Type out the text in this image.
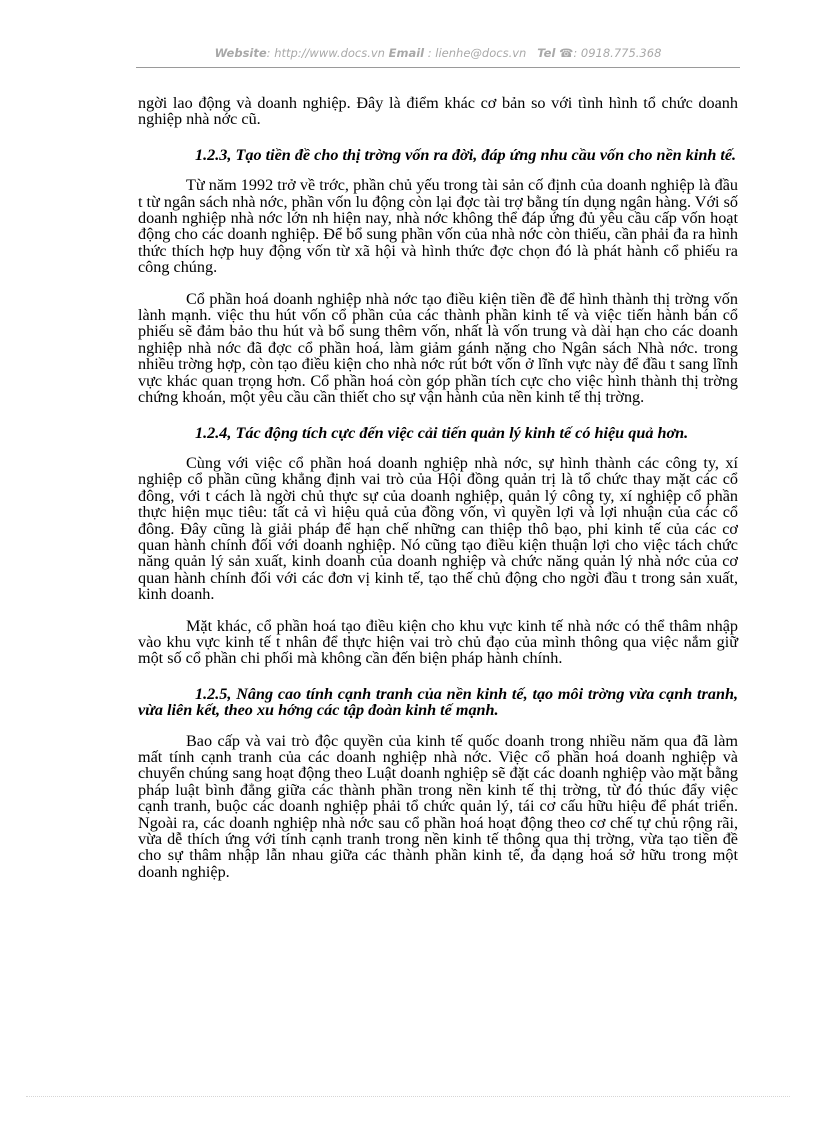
Website: http://www.docs.vn Email : lienhe@docs.vn Tel ☎: 0918.775.368

ngời lao động và doanh nghiệp. Đây là điểm khác cơ bản so với tình hình tổ chức doanh nghiệp nhà nớc cũ.

1.2.3, Tạo tiền đề cho thị trờng vốn ra đời, đáp ứng nhu cầu vốn cho nền kinh tế.

Từ năm 1992 trở về trớc, phần chủ yếu trong tài sản cố định của doanh nghiệp là đầu t từ ngân sách nhà nớc, phần vốn lu động còn lại đợc tài trợ bằng tín dụng ngân hàng. Với số doanh nghiệp nhà nớc lớn nh hiện nay, nhà nớc không thể đáp ứng đủ yêu cầu cấp vốn hoạt động cho các doanh nghiệp. Để bổ sung phần vốn của nhà nớc còn thiếu, cần phải đa ra hình thức thích hợp huy động vốn từ xã hội và hình thức đợc chọn đó là phát hành cổ phiếu ra công chúng.

Cổ phần hoá doanh nghiệp nhà nớc tạo điều kiện tiền đề để hình thành thị trờng vốn lành mạnh. việc thu hút vốn cổ phần của các thành phần kinh tế và việc tiến hành bán cổ phiếu sẽ đảm bảo thu hút và bổ sung thêm vốn, nhất là vốn trung và dài hạn cho các doanh nghiệp nhà nớc đã đợc cổ phần hoá, làm giảm gánh nặng cho Ngân sách Nhà nớc. trong nhiều trờng hợp, còn tạo điều kiện cho nhà nớc rút bớt vốn ở lĩnh vực này để đầu t sang lĩnh vực khác quan trọng hơn. Cổ phần hoá còn góp phần tích cực cho việc hình thành thị trờng chứng khoán, một yêu cầu cần thiết cho sự vận hành của nền kinh tế thị trờng.

1.2.4, Tác động tích cực đến việc cải tiến quản lý kinh tế có hiệu quả hơn.

Cùng với việc cổ phần hoá doanh nghiệp nhà nớc, sự hình thành các công ty, xí nghiệp cổ phần cũng khẳng định vai trò của Hội đồng quản trị là tổ chức thay mặt các cổ đông, với t cách là ngời chủ thực sự của doanh nghiệp, quản lý công ty, xí nghiệp cổ phần thực hiện mục tiêu: tất cả vì hiệu quả của đồng vốn, vì quyền lợi và lợi nhuận của các cổ đông. Đây cũng là giải pháp để hạn chế những can thiệp thô bạo, phi kinh tế của các cơ quan hành chính đối với doanh nghiệp. Nó cũng tạo điều kiện thuận lợi cho việc tách chức năng quản lý sản xuất, kinh doanh của doanh nghiệp và chức năng quản lý nhà nớc của cơ quan hành chính đối với các đơn vị kinh tế, tạo thế chủ động cho ngời đầu t trong sản xuất, kinh doanh.

Mặt khác, cổ phần hoá tạo điều kiện cho khu vực kinh tế nhà nớc có thể thâm nhập vào khu vực kinh tế t nhân để thực hiện vai trò chủ đạo của mình thông qua việc nắm giữ một số cổ phần chi phối mà không cần đến biện pháp hành chính.

1.2.5, Nâng cao tính cạnh tranh của nền kinh tế, tạo môi trờng vừa cạnh tranh, vừa liên kết, theo xu hớng các tập đoàn kinh tế mạnh.

Bao cấp và vai trò độc quyền của kinh tế quốc doanh trong nhiều năm qua đã làm mất tính cạnh tranh của các doanh nghiệp nhà nớc. Việc cổ phần hoá doanh nghiệp và chuyển chúng sang hoạt động theo Luật doanh nghiệp sẽ đặt các doanh nghiệp vào mặt bằng pháp luật bình đẳng giữa các thành phần trong nền kinh tế thị trờng, từ đó thúc đẩy việc cạnh tranh, buộc các doanh nghiệp phải tổ chức quản lý, tái cơ cấu hữu hiệu để phát triển. Ngoài ra, các doanh nghiệp nhà nớc sau cổ phần hoá hoạt động theo cơ chế tự chủ rộng rãi, vừa dễ thích ứng với tính cạnh tranh trong nền kinh tế thông qua thị trờng, vừa tạo tiền đề cho sự thâm nhập lẫn nhau giữa các thành phần kinh tế, đa dạng hoá sở hữu trong một doanh nghiệp.
